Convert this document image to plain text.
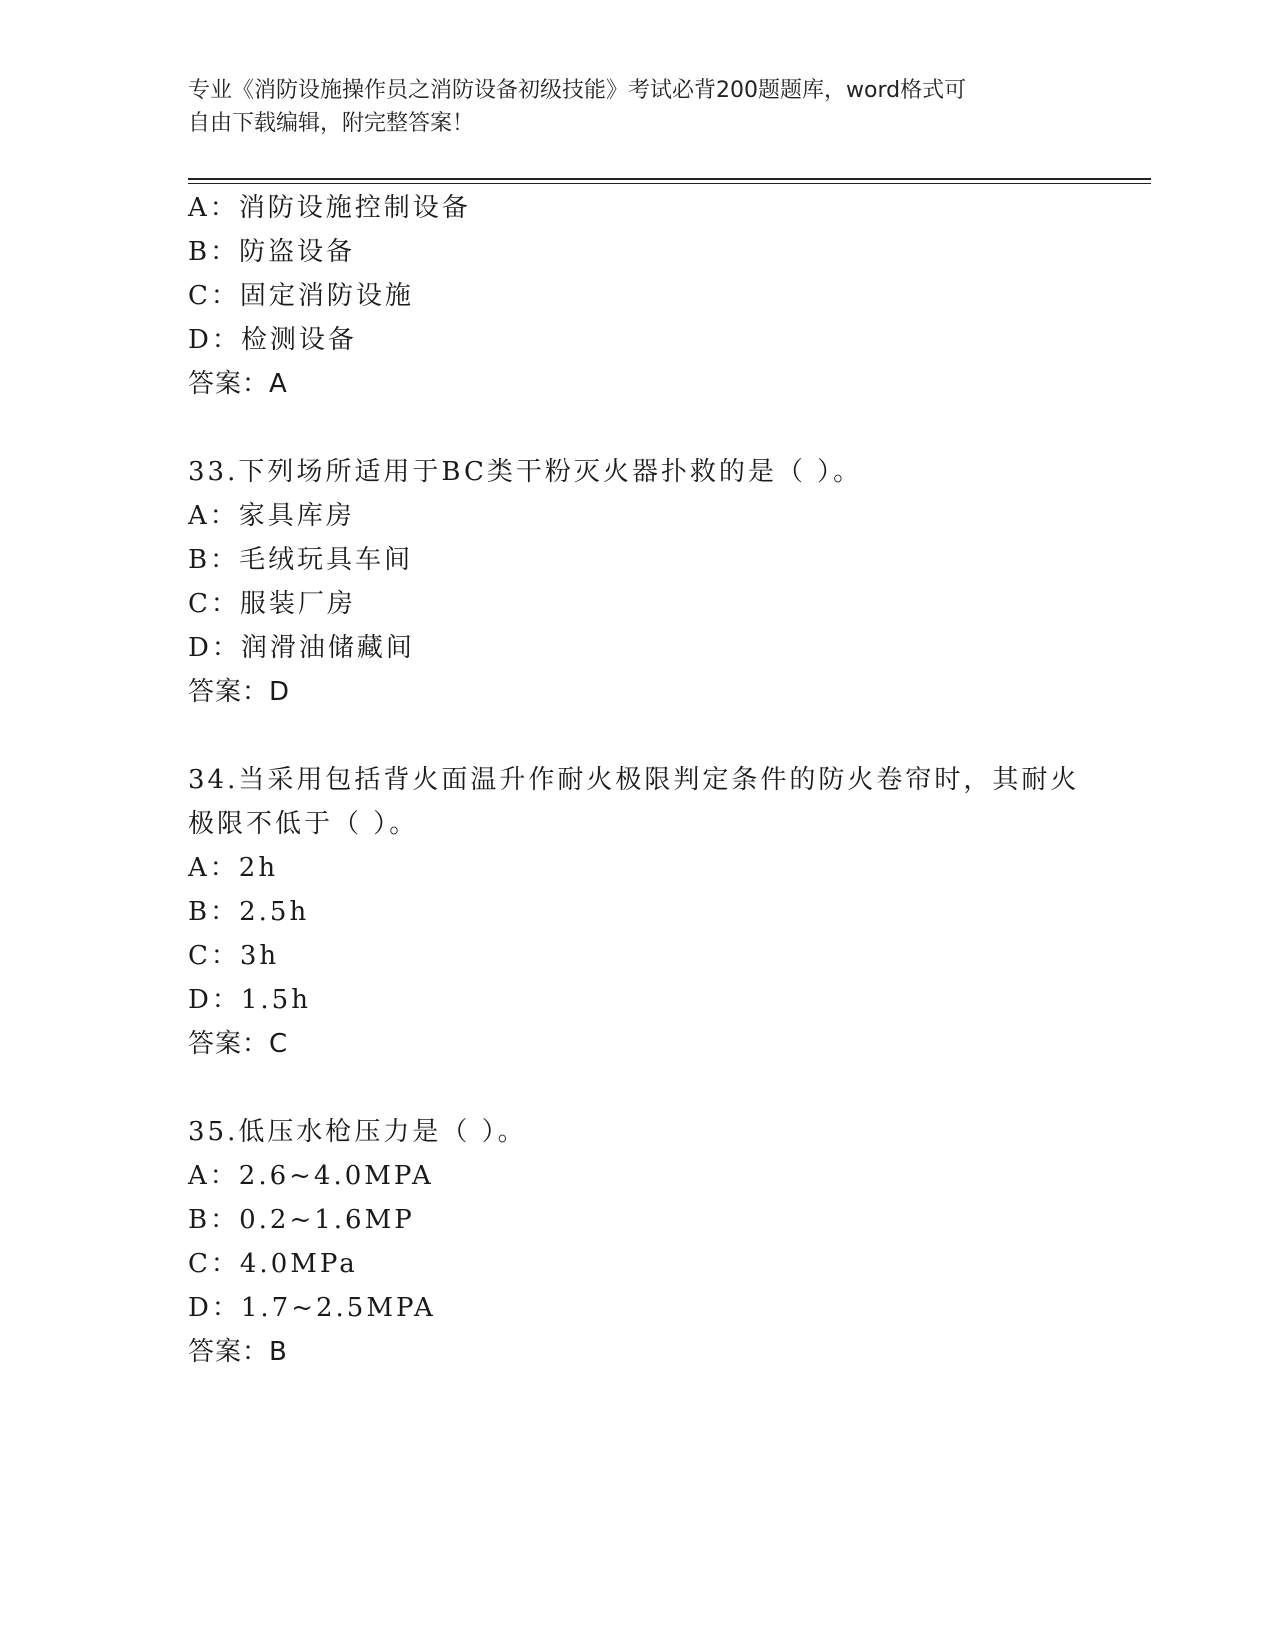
专业《消防设施操作员之消防设备初级技能》考试必背200题题库，word格式可
自由下载编辑，附完整答案！
A：消防设施控制设备
B：防盗设备
C：固定消防设施
D：检测设备
答案：A
33.下列场所适用于BC类干粉灭火器扑救的是（ ）。
A：家具库房
B：毛绒玩具车间
C：服装厂房
D：润滑油储藏间
答案：D
34.当采用包括背火面温升作耐火极限判定条件的防火卷帘时，其耐火
极限不低于（ ）。
A：2h
B：2.5h
C：3h
D：1.5h
答案：C
35.低压水枪压力是（ ）。
A：2.6~4.0MPA
B：0.2~1.6MP
C：4.0MPa
D：1.7~2.5MPA
答案：B
